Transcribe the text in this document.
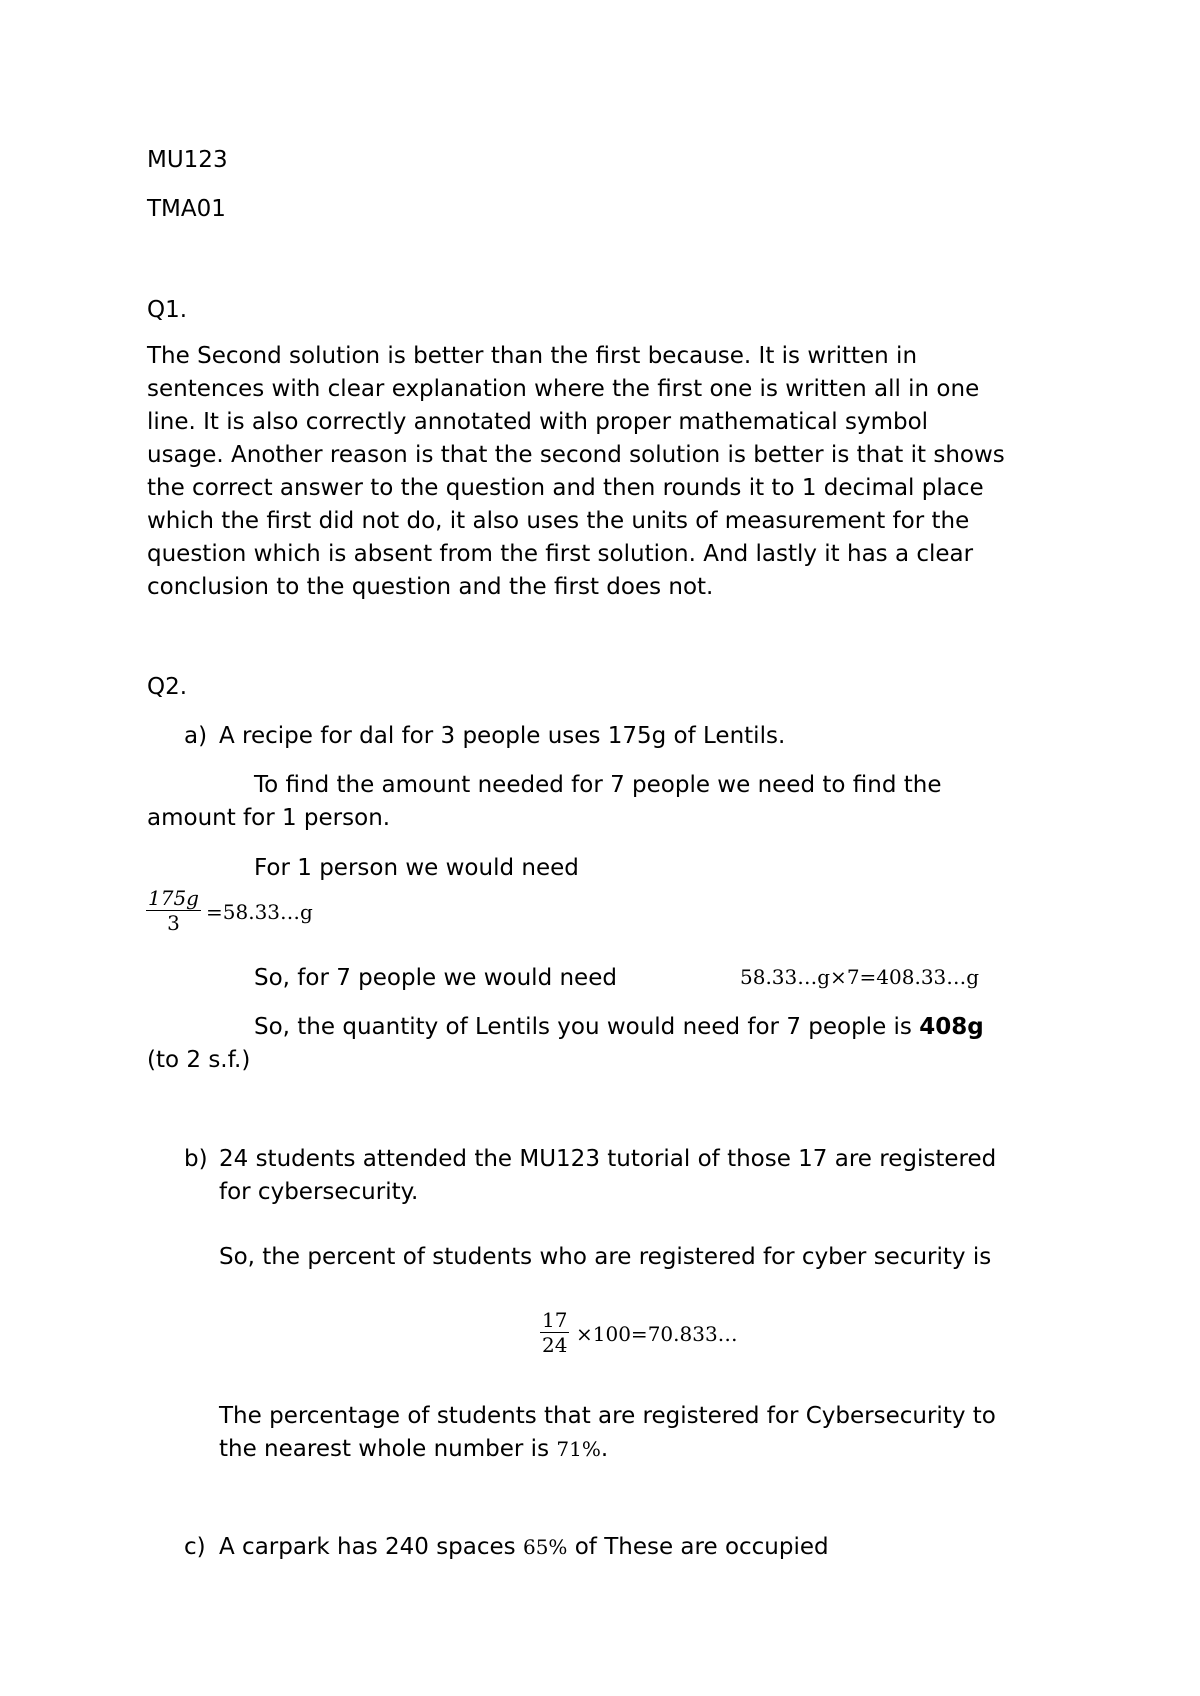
MU123
TMA01
Q1.
The Second solution is better than the first because. It is written in
sentences with clear explanation where the first one is written all in one
line. It is also correctly annotated with proper mathematical symbol
usage. Another reason is that the second solution is better is that it shows
the correct answer to the question and then rounds it to 1 decimal place
which the first did not do, it also uses the units of measurement for the
question which is absent from the first solution. And lastly it has a clear
conclusion to the question and the first does not.
Q2.
a) A recipe for dal for 3 people uses 175g of Lentils.
To find the amount needed for 7 people we need to find the
amount for 1 person.
For 1 person we would need
$\frac{175g}{3}$ =58.33…g
So, for 7 people we would need	58.33…g×7=408.33…g
So, the quantity of Lentils you would need for 7 people is 408g
(to 2 s.f.)
b) 24 students attended the MU123 tutorial of those 17 are registered
for cybersecurity.
So, the percent of students who are registered for cyber security is
$\frac{17}{24}$ ×100=70.833…
The percentage of students that are registered for Cybersecurity to
the nearest whole number is 71%.
c) A carpark has 240 spaces 65% of These are occupied
